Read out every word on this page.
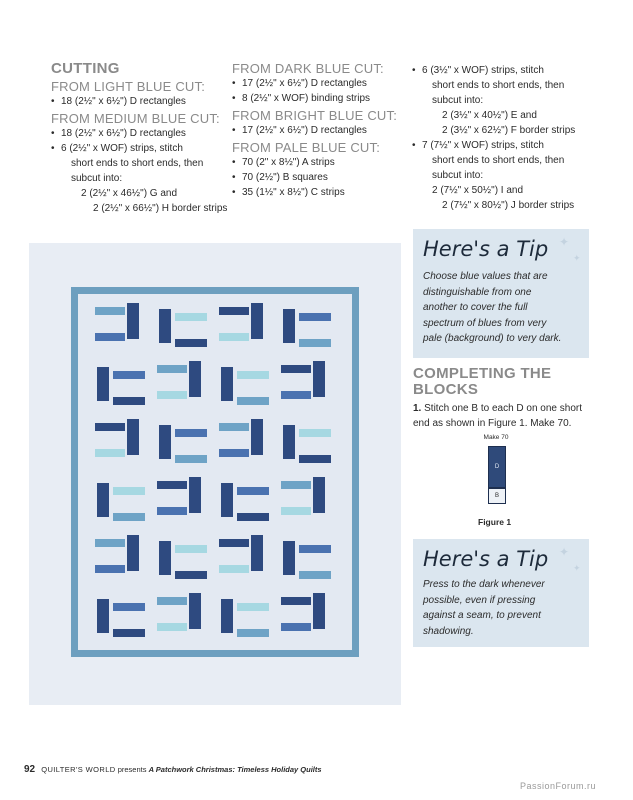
CUTTING
FROM LIGHT BLUE CUT:
• 18 (2½" x 6½") D rectangles
FROM MEDIUM BLUE CUT:
• 18 (2½" x 6½") D rectangles
• 6 (2½" x WOF) strips, stitch
short ends to short ends, then
subcut into:
2 (2½" x 46½") G and
2 (2½" x 66½") H border strips
FROM DARK BLUE CUT:
• 17 (2½" x 6½") D rectangles
• 8 (2½" x WOF) binding strips
FROM BRIGHT BLUE CUT:
• 17 (2½" x 6½") D rectangles
FROM PALE BLUE CUT:
• 70 (2" x 8½") A strips
• 70 (2½") B squares
• 35 (1½" x 8½") C strips
• 6 (3½" x WOF) strips, stitch
short ends to short ends, then
subcut into:
2 (3½" x 40½") E and
2 (3½" x 62½") F border strips
• 7 (7½" x WOF) strips, stitch
short ends to short ends, then
subcut into:
2 (7½" x 50½") I and
2 (7½" x 80½") J border strips
✦
✦
Here's a Tip
Choose blue values that are
distinguishable from one
another to cover the full
spectrum of blues from very
pale (background) to very dark.
COMPLETING THE
BLOCKS
1. Stitch one B to each D on one short
end as shown in Figure 1. Make 70.
Make 70
D
B
Figure 1
✦
✦
Here's a Tip
Press to the dark whenever
possible, even if pressing
against a seam, to prevent
shadowing.
92 QUILTER'S WORLD presents A Patchwork Christmas: Timeless Holiday Quilts
PassionForum.ru
